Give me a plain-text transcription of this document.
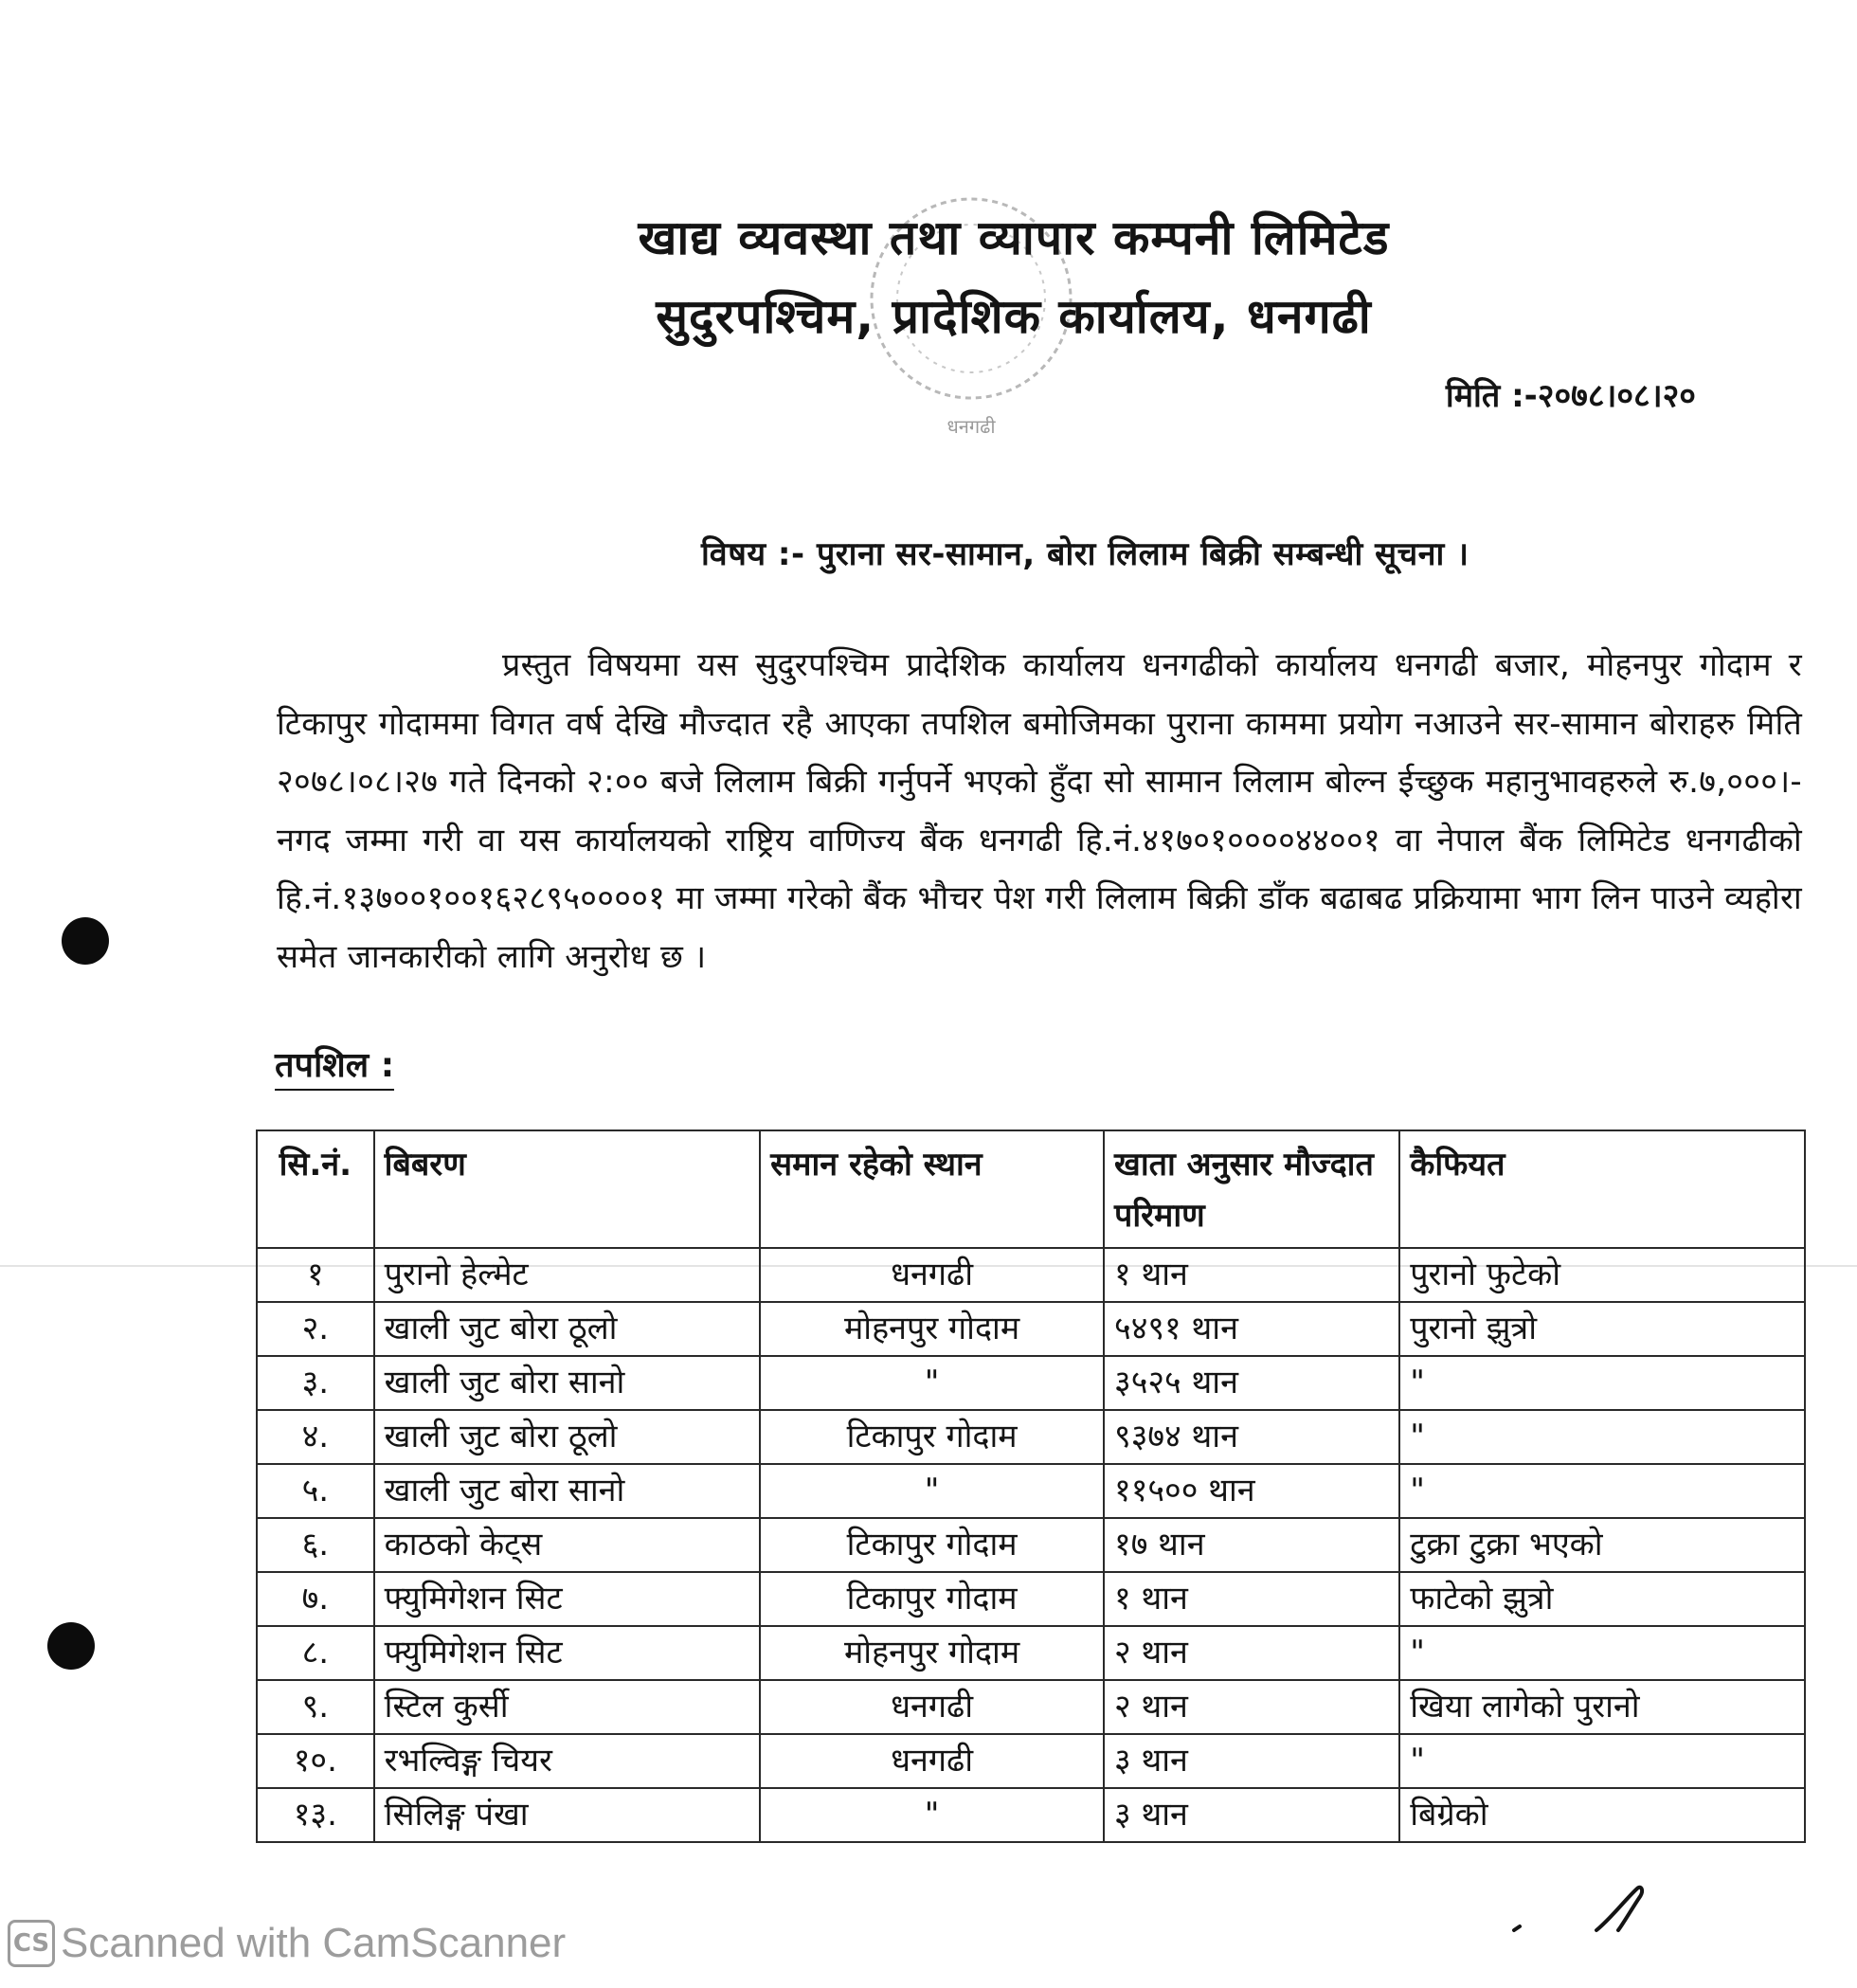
धनगढी
खाद्य व्यवस्था तथा व्यापार कम्पनी लिमिटेड
सुदुरपश्चिम, प्रादेशिक कार्यालय, धनगढी
मिति :-२०७८।०८।२०
विषय :- पुराना सर-सामान, बोरा लिलाम बिक्री सम्बन्धी सूचना ।
प्रस्तुत विषयमा यस सुदुरपश्चिम प्रादेशिक कार्यालय धनगढीको कार्यालय धनगढी बजार, मोहनपुर गोदाम र टिकापुर गोदाममा विगत वर्ष देखि मौज्दात रहै आएका तपशिल बमोजिमका पुराना काममा प्रयोग नआउने सर-सामान बोराहरु मिति २०७८।०८।२७ गते दिनको २:०० बजे लिलाम बिक्री गर्नुपर्ने भएको हुँदा सो सामान लिलाम बोल्न ईच्छुक महानुभावहरुले रु.७,०००।- नगद जम्मा गरी वा यस कार्यालयको राष्ट्रिय वाणिज्य बैंक धनगढी हि.नं.४१७०१००००४४००१ वा नेपाल बैंक लिमिटेड धनगढीको हि.नं.१३७००१००१६२८९५००००१ मा जम्मा गरेको बैंक भौचर पेश गरी लिलाम बिक्री डाँक बढाबढ प्रक्रियामा भाग लिन पाउने व्यहोरा समेत जानकारीको लागि अनुरोध छ ।
तपशिल :
सि.नं.	बिबरण	समान रहेको स्थान	खाता अनुसार मौज्दात परिमाण	कैफियत
१	पुरानो हेल्मेट	धनगढी	१ थान	पुरानो फुटेको
२.	खाली जुट बोरा ठूलो	मोहनपुर गोदाम	५४९१ थान	पुरानो झुत्रो
३.	खाली जुट बोरा सानो	"	३५२५ थान	"
४.	खाली जुट बोरा ठूलो	टिकापुर गोदाम	९३७४ थान	"
५.	खाली जुट बोरा सानो	"	११५०० थान	"
६.	काठको केट्स	टिकापुर गोदाम	१७ थान	टुक्रा टुक्रा भएको
७.	फ्युमिगेशन सिट	टिकापुर गोदाम	१ थान	फाटेको झुत्रो
८.	फ्युमिगेशन सिट	मोहनपुर गोदाम	२ थान	"
९.	स्टिल कुर्सी	धनगढी	२ थान	खिया लागेको पुरानो
१०.	रभल्विङ्ग चियर	धनगढी	३ थान	"
१३.	सिलिङ्ग पंखा	"	३ थान	बिग्रेको
CS Scanned with CamScanner
